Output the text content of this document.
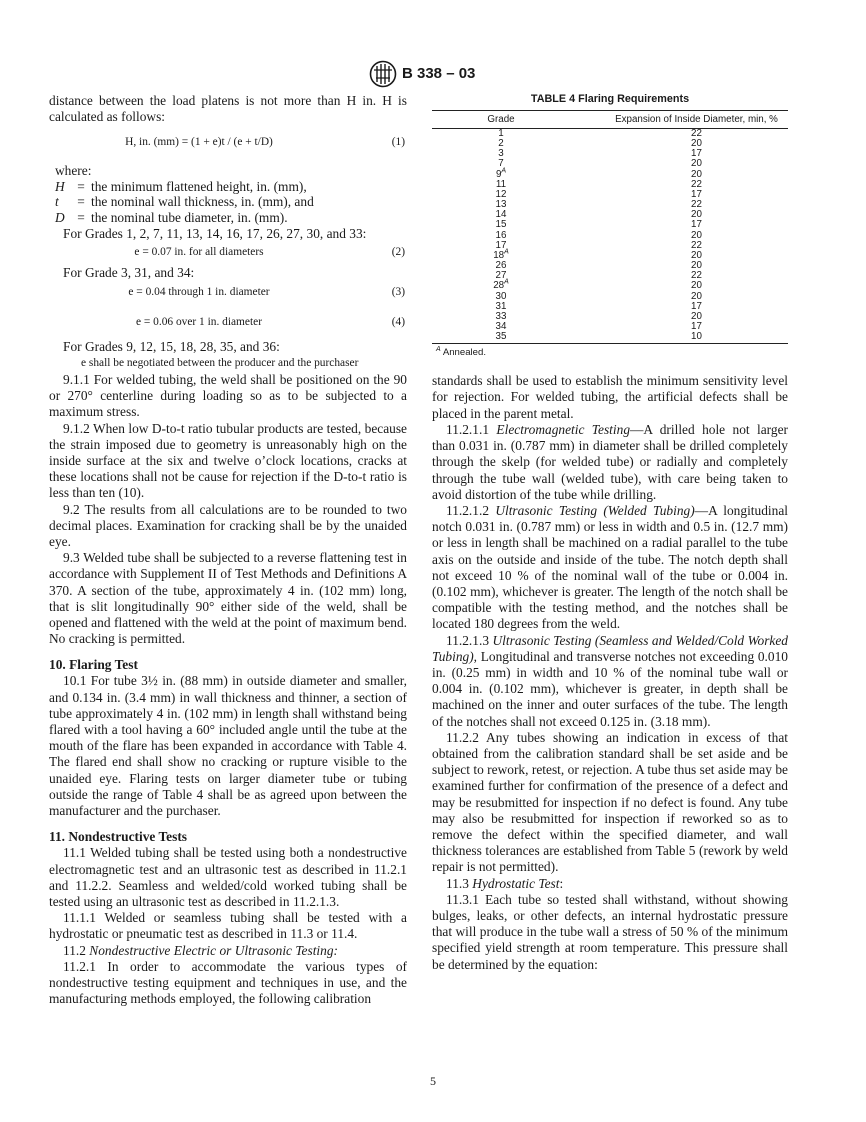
B 338 – 03

distance between the load platens is not more than H in. H is calculated as follows:

H, in. (mm) = (1 + e)t / (e + t/D)	(1)
where:
H = the minimum flattened height, in. (mm),
t	= the nominal wall thickness, in. (mm), and
D = the nominal tube diameter, in. (mm).

For Grades 1, 2, 7, 11, 13, 14, 16, 17, 26, 27, 30, and 33:

e = 0.07 in. for all diameters	(2)

For Grade 3, 31, and 34:

e = 0.04 through 1 in. diameter	(3)
e = 0.06 over 1 in. diameter	(4)

For Grades 9, 12, 15, 18, 28, 35, and 36:

e shall be negotiated between the producer and the purchaser

9.1.1 For welded tubing, the weld shall be positioned on the 90 or 270° centerline during loading so as to be subjected to a maximum stress.

9.1.2 When low D-to-t ratio tubular products are tested, because the strain imposed due to geometry is unreasonably high on the inside surface at the six and twelve o’clock locations, cracks at these locations shall not be cause for rejection if the D-to-t ratio is less than ten (10).

9.2 The results from all calculations are to be rounded to two decimal places. Examination for cracking shall be by the unaided eye.

9.3 Welded tube shall be subjected to a reverse flattening test in accordance with Supplement II of Test Methods and Definitions A 370. A section of the tube, approximately 4 in. (102 mm) long, that is slit longitudinally 90° either side of the weld, shall be opened and flattened with the weld at the point of maximum bend. No cracking is permitted.

10. Flaring Test

10.1 For tube 3½ in. (88 mm) in outside diameter and smaller, and 0.134 in. (3.4 mm) in wall thickness and thinner, a section of tube approximately 4 in. (102 mm) in length shall withstand being flared with a tool having a 60° included angle until the tube at the mouth of the flare has been expanded in accordance with Table 4. The flared end shall show no cracking or rupture visible to the unaided eye. Flaring tests on larger diameter tube or tubing outside the range of Table 4 shall be as agreed upon between the manufacturer and the purchaser.

11. Nondestructive Tests

11.1 Welded tubing shall be tested using both a nondestructive electromagnetic test and an ultrasonic test as described in 11.2.1 and 11.2.2. Seamless and welded/cold worked tubing shall be tested using an ultrasonic test as described in 11.2.1.3.

11.1.1 Welded or seamless tubing shall be tested with a hydrostatic or pneumatic test as described in 11.3 or 11.4.

11.2 Nondestructive Electric or Ultrasonic Testing:

11.2.1 In order to accommodate the various types of nondestructive testing equipment and techniques in use, and the manufacturing methods employed, the following calibration

TABLE 4 Flaring Requirements
Grade	Expansion of Inside Diameter, min, %
1	22
2	20
3	17
7	20
$9^A$	20
11	22
12	17
13	22
14	20
15	17
16	20
17	22
$18^A$	20
26	20
27	22
$28^A$	20
30	20
31	17
33	20
34	17
35	10
$^A$ Annealed.

standards shall be used to establish the minimum sensitivity level for rejection. For welded tubing, the artificial defects shall be placed in the parent metal.

11.2.1.1 Electromagnetic Testing—A drilled hole not larger than 0.031 in. (0.787 mm) in diameter shall be drilled completely through the skelp (for welded tube) or radially and completely through the tube wall (welded tube), with care being taken to avoid distortion of the tube while drilling.

11.2.1.2 Ultrasonic Testing (Welded Tubing)—A longitudinal notch 0.031 in. (0.787 mm) or less in width and 0.5 in. (12.7 mm) or less in length shall be machined on a radial parallel to the tube axis on the outside and inside of the tube. The notch depth shall not exceed 10 % of the nominal wall of the tube or 0.004 in. (0.102 mm), whichever is greater. The length of the notch shall be compatible with the testing method, and the notches shall be located 180 degrees from the weld.

11.2.1.3 Ultrasonic Testing (Seamless and Welded/Cold Worked Tubing), Longitudinal and transverse notches not exceeding 0.010 in. (0.25 mm) in width and 10 % of the nominal tube wall or 0.004 in. (0.102 mm), whichever is greater, in depth shall be machined on the inner and outer surfaces of the tube. The length of the notches shall not exceed 0.125 in. (3.18 mm).

11.2.2 Any tubes showing an indication in excess of that obtained from the calibration standard shall be set aside and be subject to rework, retest, or rejection. A tube thus set aside may be examined further for confirmation of the presence of a defect and may be resubmitted for inspection if no defect is found. Any tube may also be resubmitted for inspection if reworked so as to remove the defect within the specified diameter, and wall thickness tolerances are established from Table 5 (rework by weld repair is not permitted).

11.3 Hydrostatic Test:

11.3.1 Each tube so tested shall withstand, without showing bulges, leaks, or other defects, an internal hydrostatic pressure that will produce in the tube wall a stress of 50 % of the minimum specified yield strength at room temperature. This pressure shall be determined by the equation:

5
